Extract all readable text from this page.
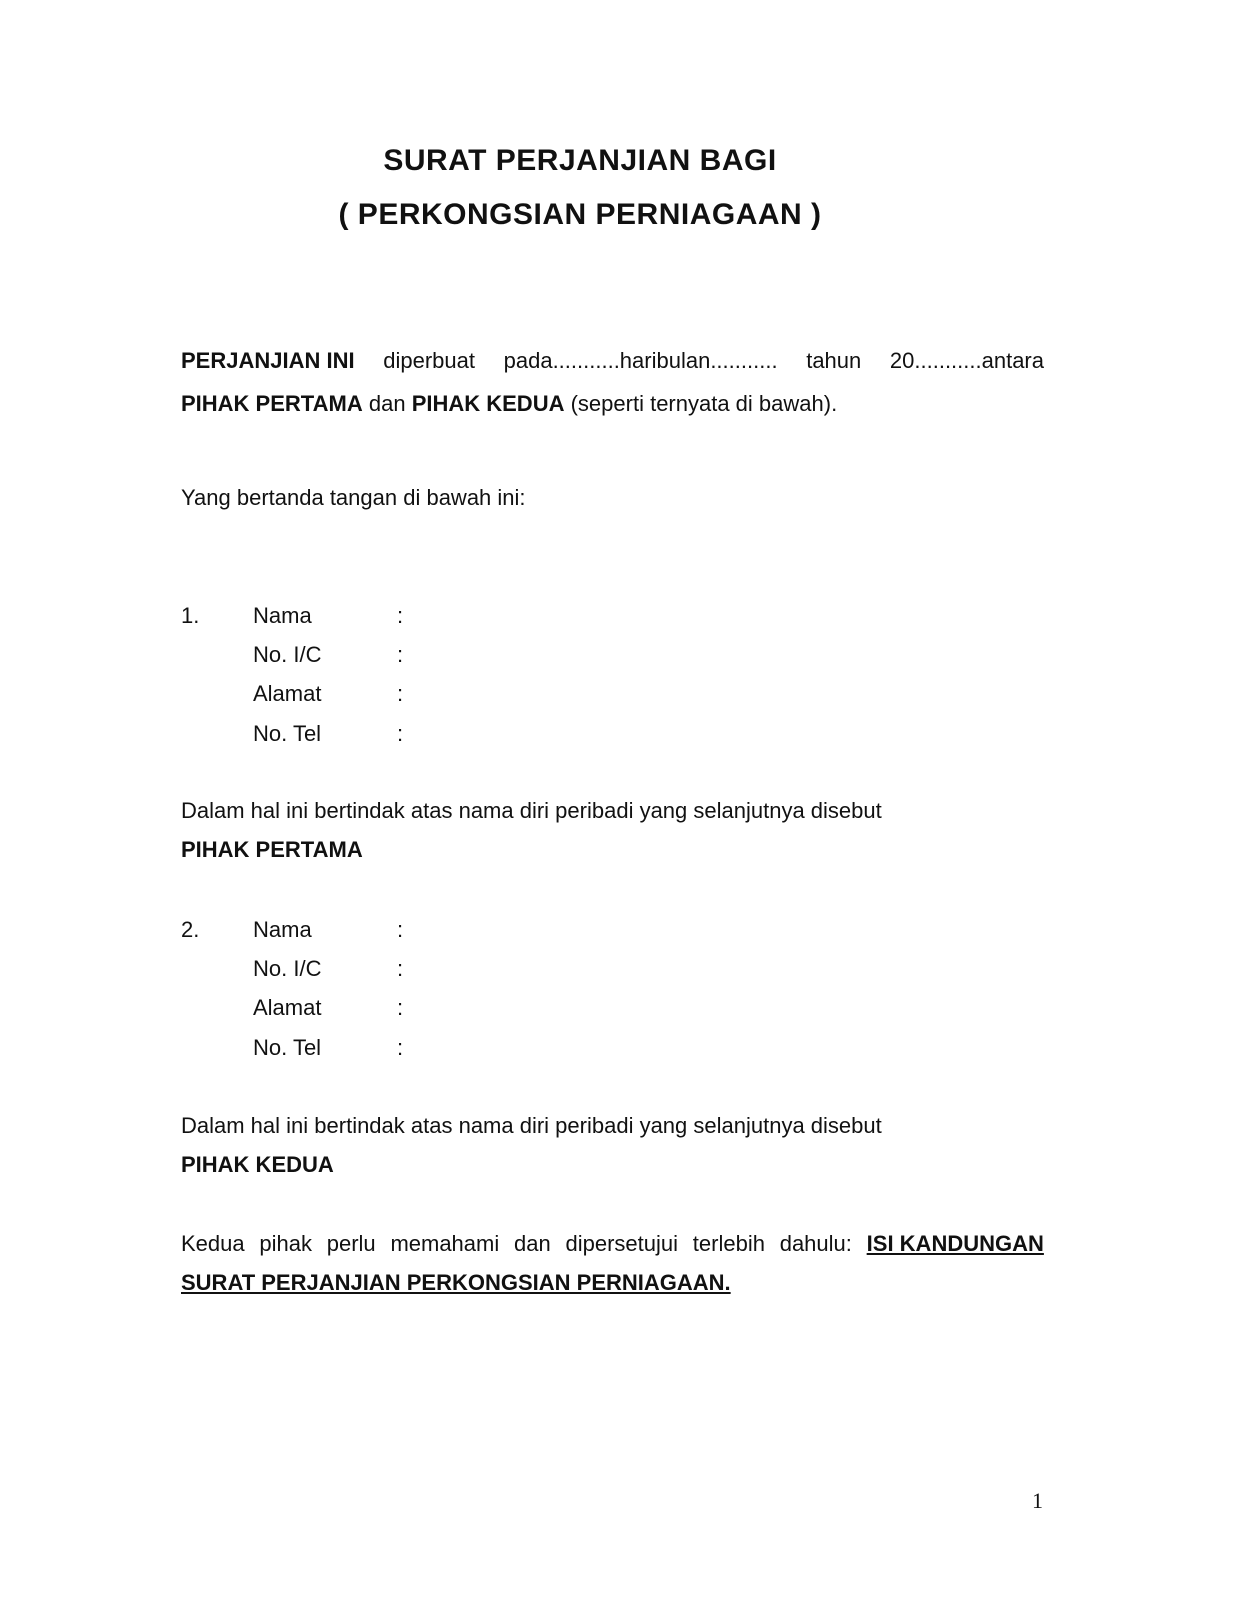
SURAT PERJANJIAN BAGI
( PERKONGSIAN PERNIAGAAN )
PERJANJIAN INI diperbuat pada...........haribulan........... tahun 20...........antara
PIHAK PERTAMA dan PIHAK KEDUA (seperti ternyata di bawah).
Yang bertanda tangan di bawah ini:
1. Nama	:
No. I/C	:
Alamat	:
No. Tel	:
Dalam hal ini bertindak atas nama diri peribadi yang selanjutnya disebut
PIHAK PERTAMA
2. Nama	:
No. I/C	:
Alamat	:
No. Tel	:
Dalam hal ini bertindak atas nama diri peribadi yang selanjutnya disebut
PIHAK KEDUA
Kedua pihak perlu memahami dan dipersetujui terlebih dahulu: ISI KANDUNGAN
SURAT PERJANJIAN PERKONGSIAN PERNIAGAAN.
1
